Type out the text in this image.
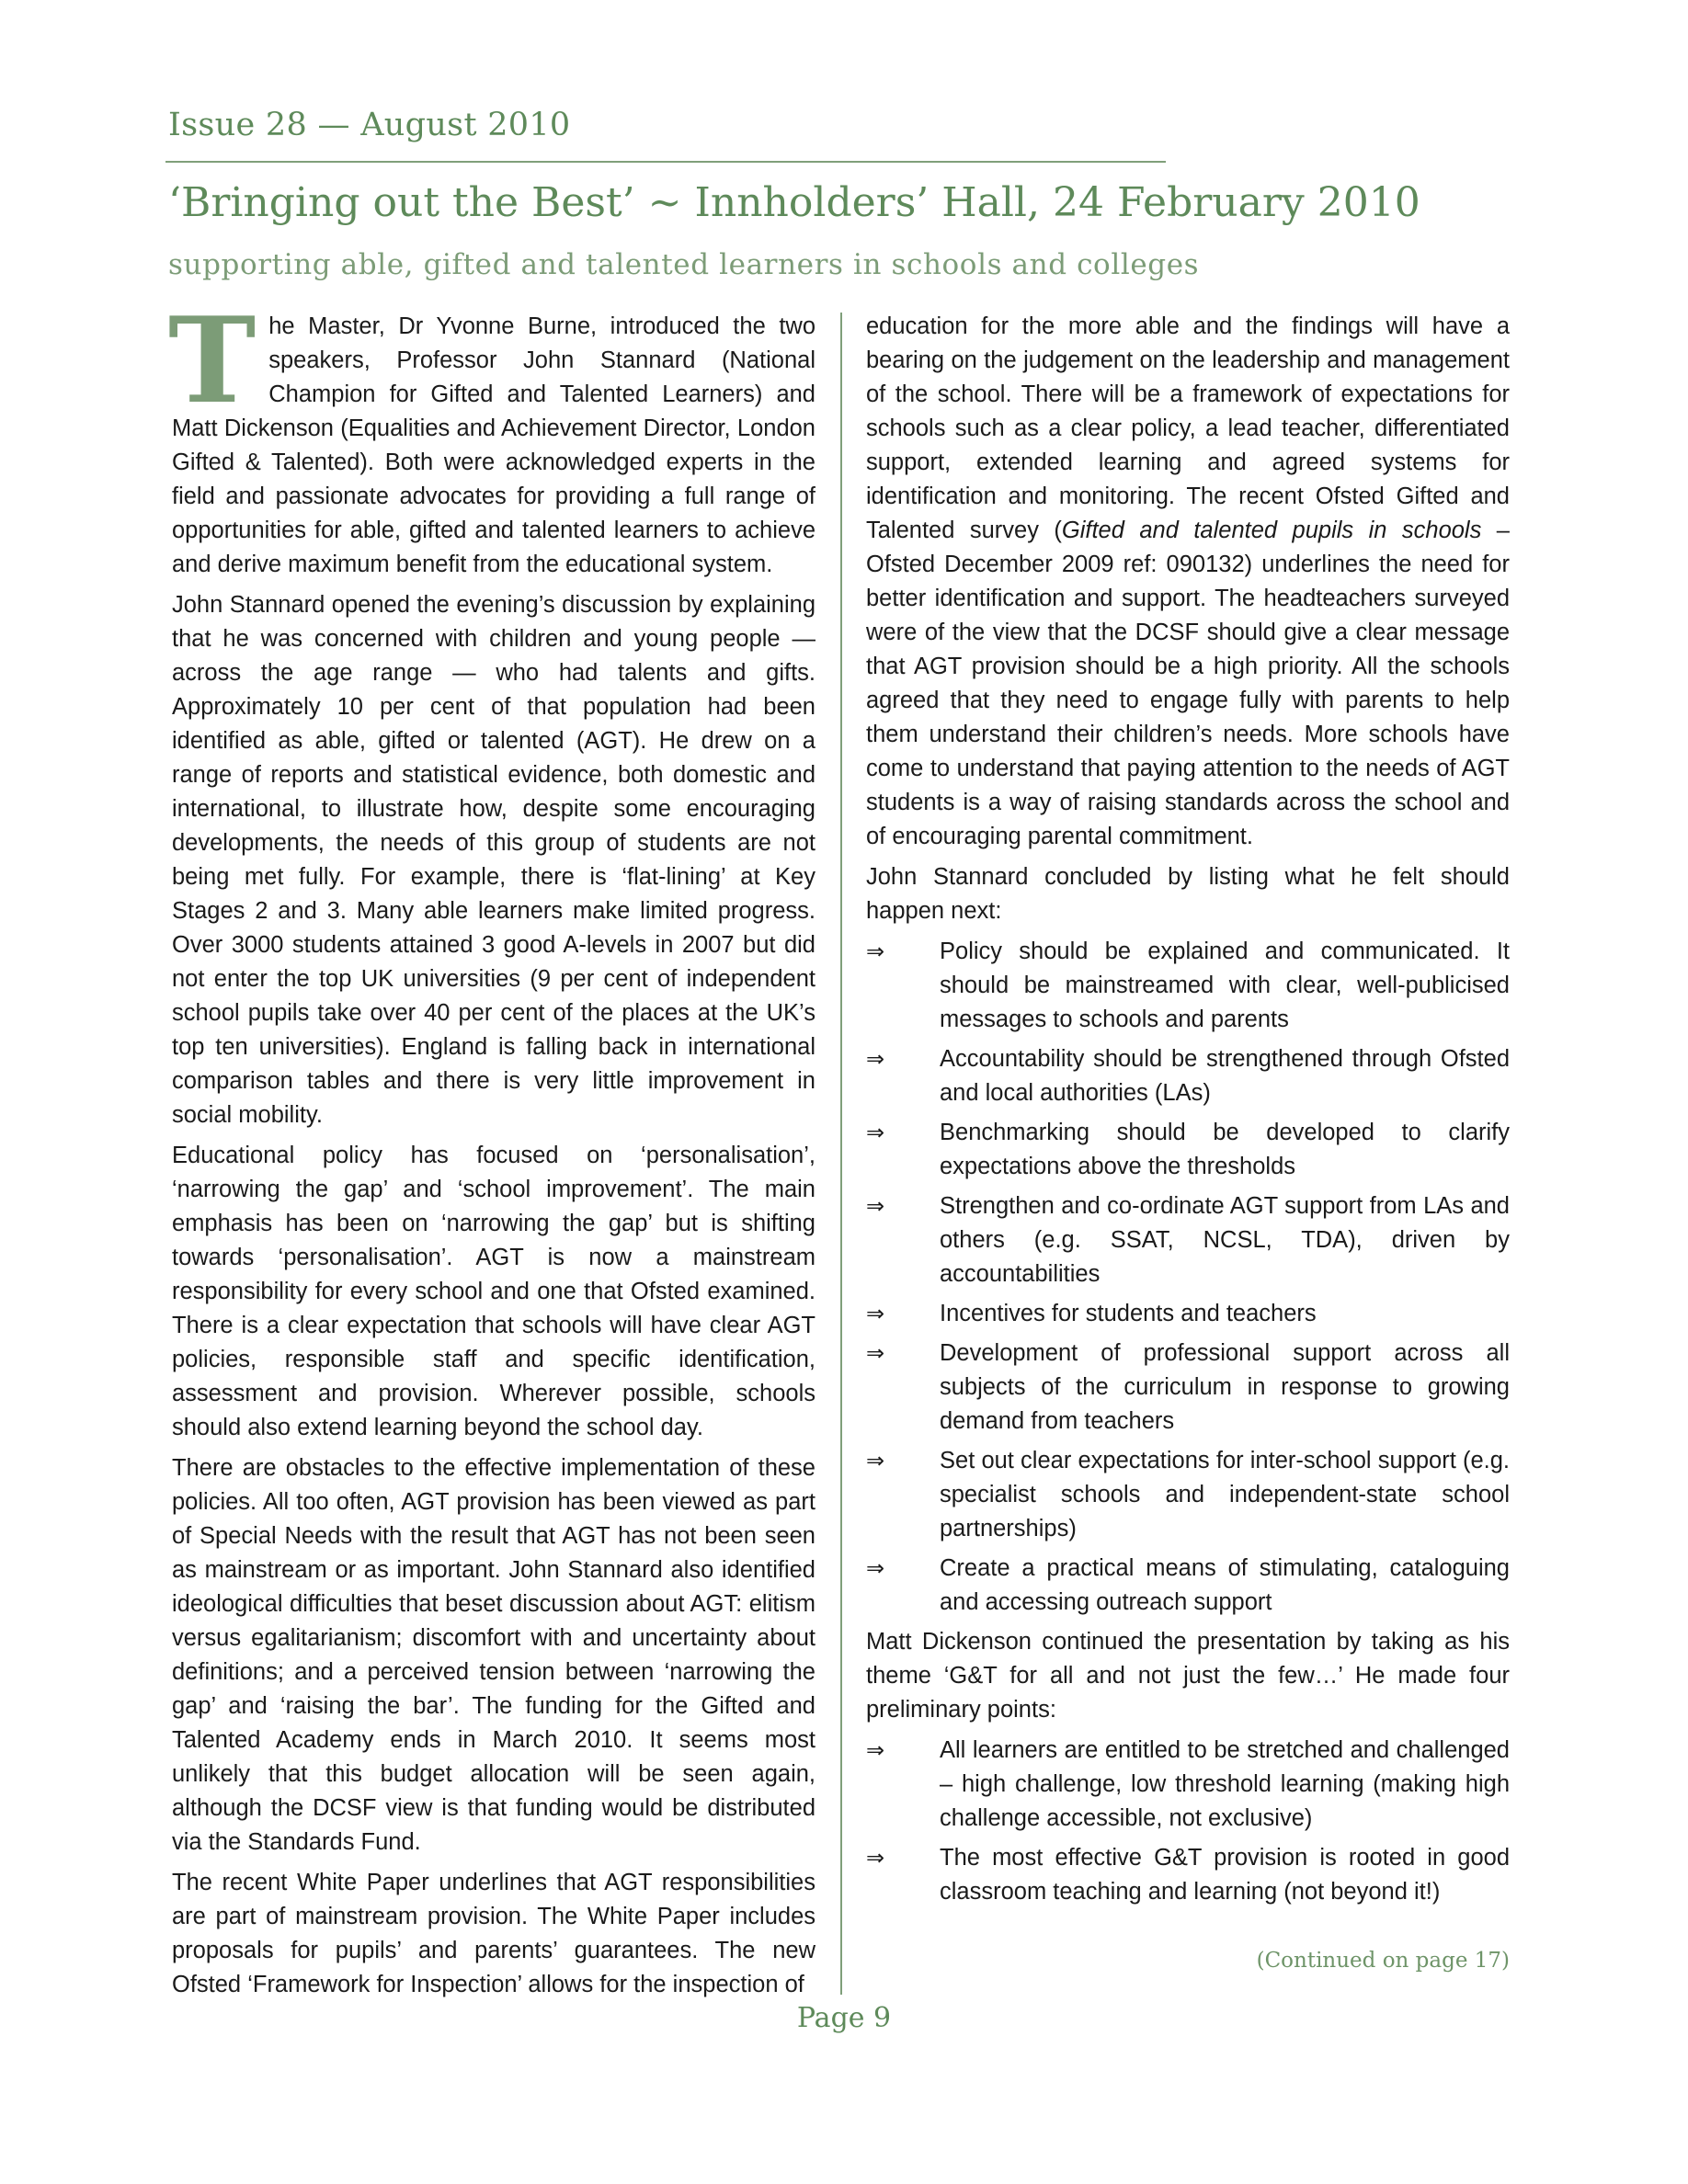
Issue 28 — August 2010
‘Bringing out the Best’ ~ Innholders’ Hall, 24 February 2010
supporting able, gifted and talented learners in schools and colleges

The Master, Dr Yvonne Burne, introduced the two speakers, Professor John Stannard (National Champion for Gifted and Talented Learners) and Matt Dickenson (Equalities and Achievement Director, London Gifted & Talented). Both were acknowledged experts in the field and passionate advocates for providing a full range of opportunities for able, gifted and talented learners to achieve and derive maximum benefit from the educational system.

John Stannard opened the evening’s discussion by explaining that he was concerned with children and young people — across the age range — who had talents and gifts. Approximately 10 per cent of that population had been identified as able, gifted or talented (AGT). He drew on a range of reports and statistical evidence, both domestic and international, to illustrate how, despite some encouraging developments, the needs of this group of students are not being met fully. For example, there is ‘flat-lining’ at Key Stages 2 and 3. Many able learners make limited progress. Over 3000 students attained 3 good A-levels in 2007 but did not enter the top UK universities (9 per cent of independent school pupils take over 40 per cent of the places at the UK’s top ten universities). England is falling back in international comparison tables and there is very little improvement in social mobility.

Educational policy has focused on ‘personalisation’, ‘narrowing the gap’ and ‘school improvement’. The main emphasis has been on ‘narrowing the gap’ but is shifting towards ‘personalisation’. AGT is now a mainstream responsibility for every school and one that Ofsted examined. There is a clear expectation that schools will have clear AGT policies, responsible staff and specific identification, assessment and provision. Wherever possible, schools should also extend learning beyond the school day.

There are obstacles to the effective implementation of these policies. All too often, AGT provision has been viewed as part of Special Needs with the result that AGT has not been seen as mainstream or as important. John Stannard also identified ideological difficulties that beset discussion about AGT: elitism versus egalitarianism; discomfort with and uncertainty about definitions; and a perceived tension between ‘narrowing the gap’ and ‘raising the bar’. The funding for the Gifted and Talented Academy ends in March 2010. It seems most unlikely that this budget allocation will be seen again, although the DCSF view is that funding would be distributed via the Standards Fund.

The recent White Paper underlines that AGT responsibilities are part of mainstream provision. The White Paper includes proposals for pupils’ and parents’ guarantees. The new Ofsted ‘Framework for Inspection’ allows for the inspection of

education for the more able and the findings will have a bearing on the judgement on the leadership and management of the school. There will be a framework of expectations for schools such as a clear policy, a lead teacher, differentiated support, extended learning and agreed systems for identification and monitoring. The recent Ofsted Gifted and Talented survey (Gifted and talented pupils in schools – Ofsted December 2009 ref: 090132) underlines the need for better identification and support. The headteachers surveyed were of the view that the DCSF should give a clear message that AGT provision should be a high priority. All the schools agreed that they need to engage fully with parents to help them understand their children’s needs. More schools have come to understand that paying attention to the needs of AGT students is a way of raising standards across the school and of encouraging parental commitment.

John Stannard concluded by listing what he felt should happen next:

⇒ Policy should be explained and communicated. It should be mainstreamed with clear, well-publicised messages to schools and parents
⇒ Accountability should be strengthened through Ofsted and local authorities (LAs)
⇒ Benchmarking should be developed to clarify expectations above the thresholds
⇒ Strengthen and co-ordinate AGT support from LAs and others (e.g. SSAT, NCSL, TDA), driven by accountabilities
⇒ Incentives for students and teachers
⇒ Development of professional support across all subjects of the curriculum in response to growing demand from teachers
⇒ Set out clear expectations for inter-school support (e.g. specialist schools and independent-state school partnerships)
⇒ Create a practical means of stimulating, cataloguing and accessing outreach support

Matt Dickenson continued the presentation by taking as his theme ‘G&T for all and not just the few…’ He made four preliminary points:

⇒ All learners are entitled to be stretched and challenged – high challenge, low threshold learning (making high challenge accessible, not exclusive)
⇒ The most effective G&T provision is rooted in good classroom teaching and learning (not beyond it!)
(Continued on page 17)
Page 9
